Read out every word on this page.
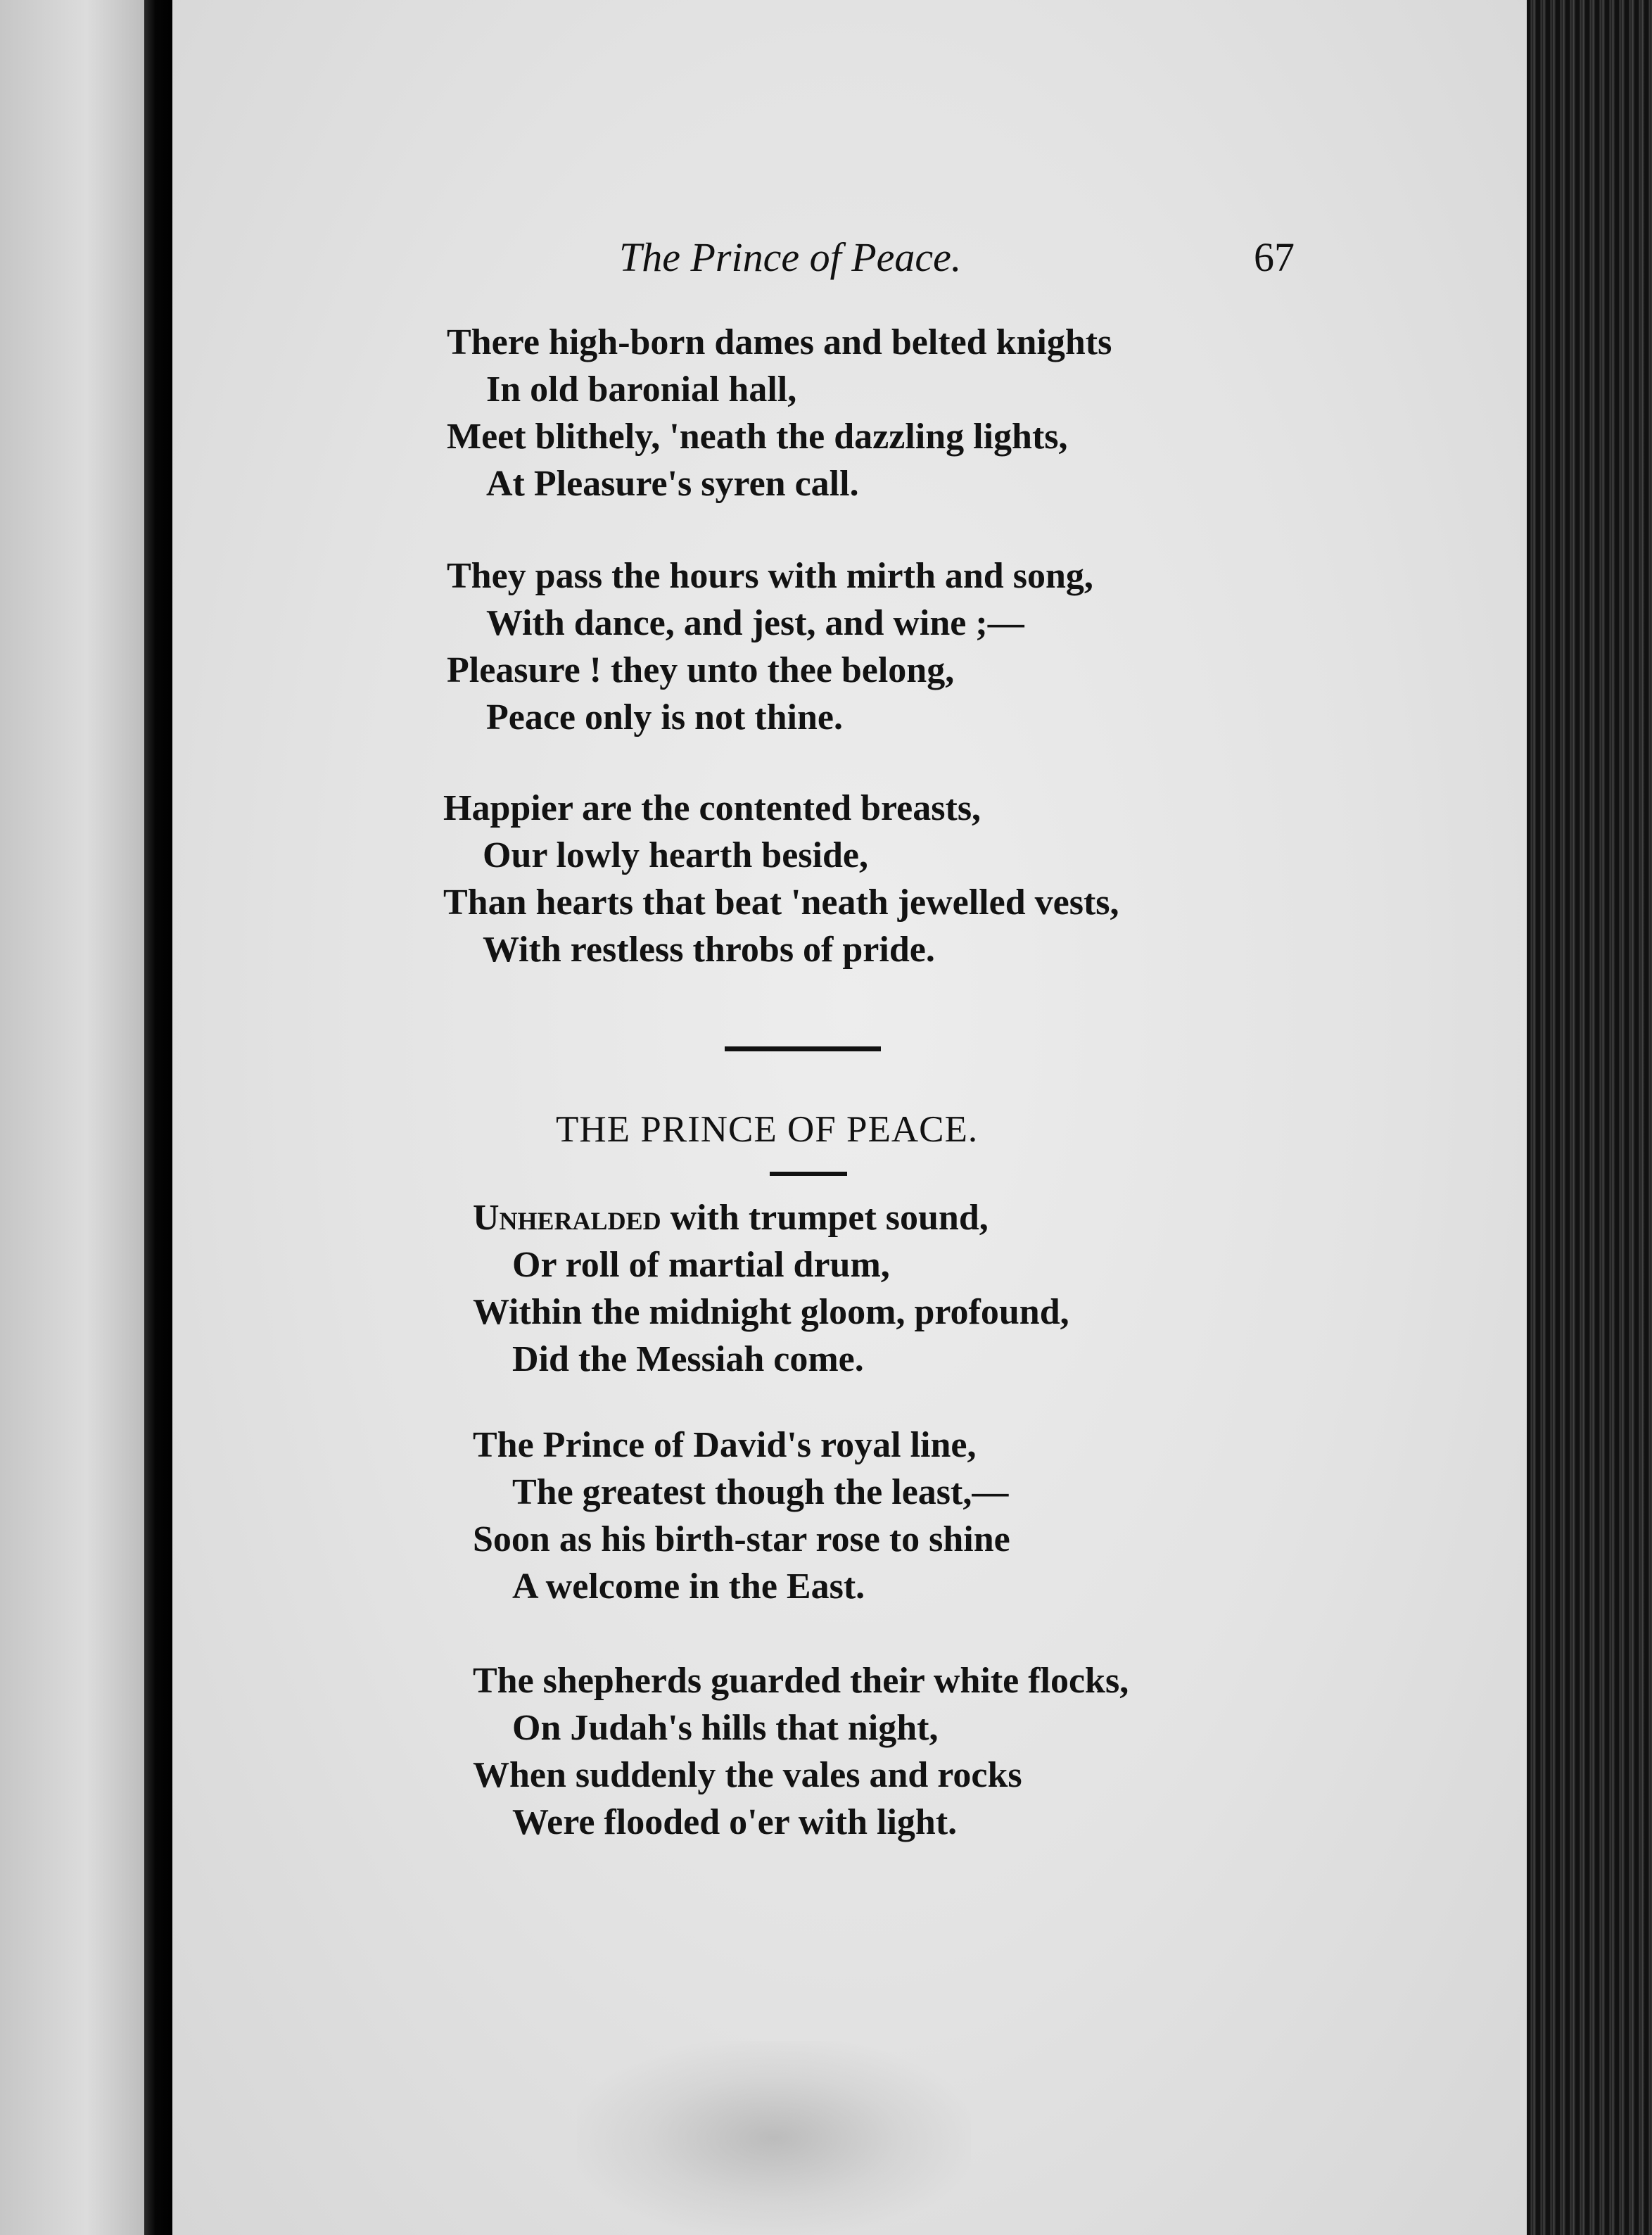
The Prince of Peace.	67
There high-born dames and belted knights
In old baronial hall,
Meet blithely, 'neath the dazzling lights,
At Pleasure's syren call.
They pass the hours with mirth and song,
With dance, and jest, and wine ;—
Pleasure ! they unto thee belong,
Peace only is not thine.
Happier are the contented breasts,
Our lowly hearth beside,
Than hearts that beat 'neath jewelled vests,
With restless throbs of pride.
THE PRINCE OF PEACE.
Unheralded with trumpet sound,
Or roll of martial drum,
Within the midnight gloom, profound,
Did the Messiah come.
The Prince of David's royal line,
The greatest though the least,—
Soon as his birth-star rose to shine
A welcome in the East.
The shepherds guarded their white flocks,
On Judah's hills that night,
When suddenly the vales and rocks
Were flooded o'er with light.
